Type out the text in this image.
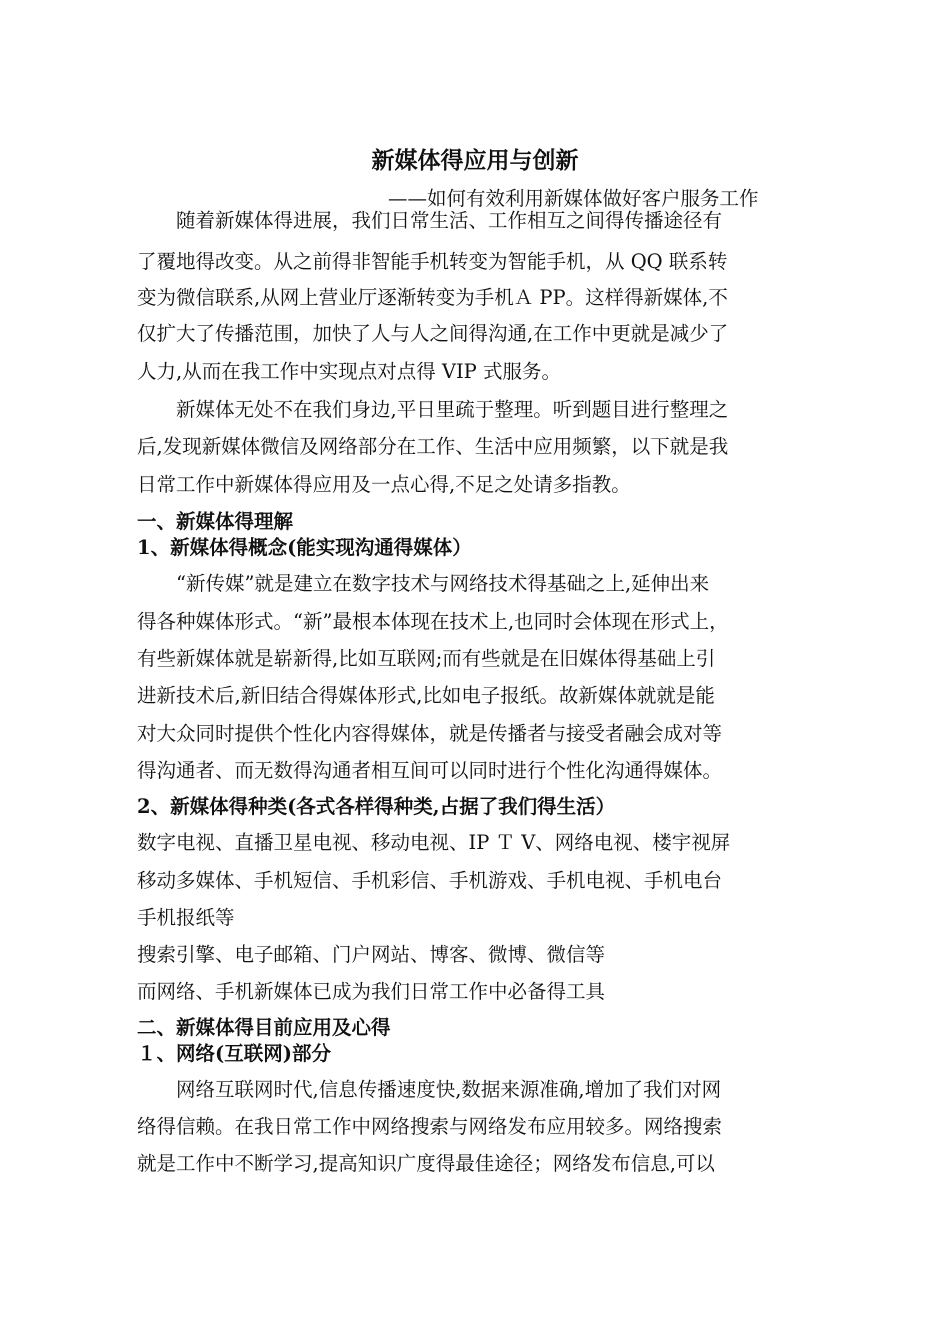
新媒体得应用与创新
——如何有效利用新媒体做好客户服务工作
随着新媒体得进展，我们日常生活、工作相互之间得传播途径有
了覆地得改变。从之前得非智能手机转变为智能手机，从 QQ 联系转
变为微信联系,从网上营业厅逐渐转变为手机Ａ PP。这样得新媒体,不
仅扩大了传播范围，加快了人与人之间得沟通,在工作中更就是减少了
人力,从而在我工作中实现点对点得 VIP 式服务。
新媒体无处不在我们身边,平日里疏于整理。听到题目进行整理之
后,发现新媒体微信及网络部分在工作、生活中应用频繁，以下就是我
日常工作中新媒体得应用及一点心得,不足之处请多指教。
一、新媒体得理解
1、新媒体得概念(能实现沟通得媒体）
“新传媒”就是建立在数字技术与网络技术得基础之上,延伸出来
得各种媒体形式。“新”最根本体现在技术上,也同时会体现在形式上，
有些新媒体就是崭新得,比如互联网;而有些就是在旧媒体得基础上引
进新技术后,新旧结合得媒体形式,比如电子报纸。故新媒体就就是能
对大众同时提供个性化内容得媒体，就是传播者与接受者融会成对等
得沟通者、而无数得沟通者相互间可以同时进行个性化沟通得媒体。
2、新媒体得种类(各式各样得种类,占据了我们得生活）
数字电视、直播卫星电视、移动电视、IP Ｔ V、网络电视、楼宇视屏
移动多媒体、手机短信、手机彩信、手机游戏、手机电视、手机电台
手机报纸等
搜索引擎、电子邮箱、门户网站、博客、微博、微信等
而网络、手机新媒体已成为我们日常工作中必备得工具
二、新媒体得目前应用及心得
１、网络(互联网)部分
网络互联网时代,信息传播速度快,数据来源准确,增加了我们对网
络得信赖。在我日常工作中网络搜索与网络发布应用较多。网络搜索
就是工作中不断学习,提高知识广度得最佳途径；网络发布信息,可以
